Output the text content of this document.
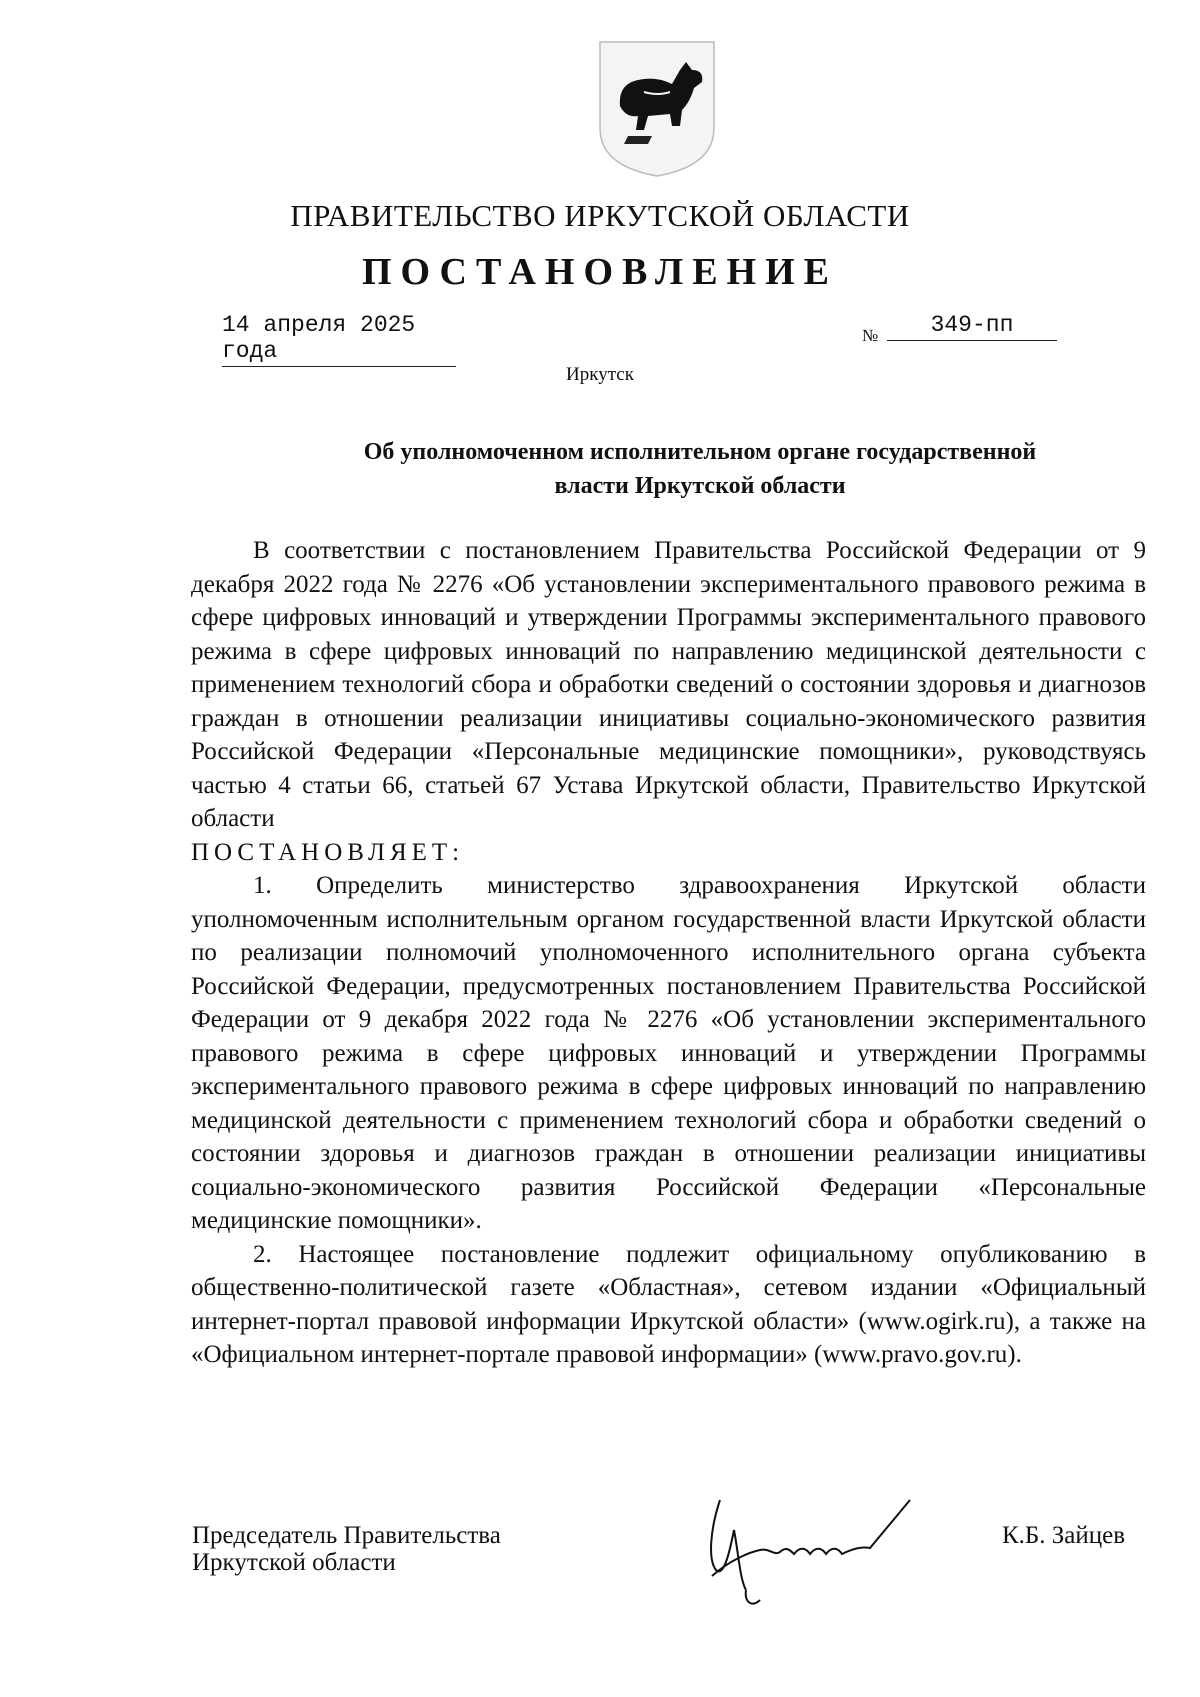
ПРАВИТЕЛЬСТВО ИРКУТСКОЙ ОБЛАСТИ
ПОСТАНОВЛЕНИЕ
14 апреля 2025 года
№	349-пп
Иркутск
Об уполномоченном исполнительном органе государственной
власти Иркутской области

В соответствии с постановлением Правительства Российской Федерации от 9 декабря 2022 года № 2276 «Об установлении экспериментального правового режима в сфере цифровых инноваций и утверждении Программы экспериментального правового режима в сфере цифровых инноваций по направлению медицинской деятельности с применением технологий сбора и обработки сведений о состоянии здоровья и диагнозов граждан в отношении реализации инициативы социально-экономического развития Российской Федерации «Персональные медицинские помощники», руководствуясь частью 4 статьи 66, статьей 67 Устава Иркутской области, Правительство Иркутской области

ПОСТАНОВЛЯЕТ:

1. Определить министерство здравоохранения Иркутской области уполномоченным исполнительным органом государственной власти Иркутской области по реализации полномочий уполномоченного исполнительного органа субъекта Российской Федерации, предусмотренных постановлением Правительства Российской Федерации от 9 декабря 2022 года № 2276 «Об установлении экспериментального правового режима в сфере цифровых инноваций и утверждении Программы экспериментального правового режима в сфере цифровых инноваций по направлению медицинской деятельности с применением технологий сбора и обработки сведений о состоянии здоровья и диагнозов граждан в отношении реализации инициативы социально-экономического развития Российской Федерации «Персональные медицинские помощники».

2. Настоящее постановление подлежит официальному опубликованию в общественно-политической газете «Областная», сетевом издании «Официальный интернет-портал правовой информации Иркутской области» (www.ogirk.ru), а также на «Официальном интернет-портале правовой информации» (www.pravo.gov.ru).

Председатель Правительства
Иркутской области
К.Б. Зайцев
